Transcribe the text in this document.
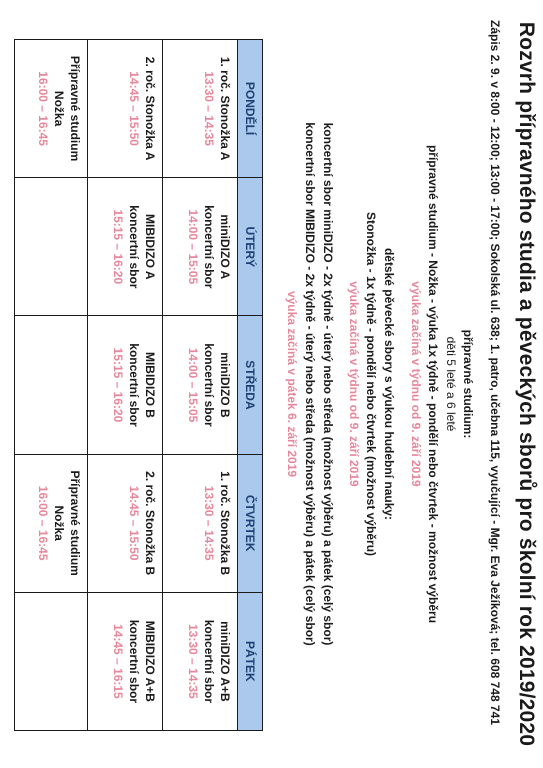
Rozvrh přípravného studia a pěveckých sborů pro školní rok 2019/2020
Zápis 2. 9. v 8:00 - 12:00; 13:00 - 17:00; Sokolská ul. 638; 1. patro, učebna 115, vyučující - Mgr. Eva Ježíková; tel. 608 748 741
přípravné studium:
děti 5 leté a 6 leté
přípravné studium - Nožka - výuka 1x týdně - pondělí nebo čtvrtek - možnost výběru
výuka začíná v týdnu od 9. září 2019
dětské pěvecké sbory s výukou hudební nauky:
Stonožka - 1x týdně - pondělí nebo čtvrtek (možnost výběru)
výuka začíná v týdnu od 9. září 2019
koncertní sbor miniDIZO - 2x týdně - úterý nebo středa (možnost výběru) a pátek (celý sbor)
koncertní sbor MIBIDIZO - 2x týdně - úterý nebo středa (možnost výběru) a pátek (celý sbor)
výuka začíná v pátek 6. září 2019
PONDĚLÍ	ÚTERÝ	STŘEDA	ČTVRTEK	PÁTEK

1. roč. Stonožka A
13:30 – 14:35	miniDIZO A
koncertní sbor
14:00 – 15:05	miniDIZO B
koncertní sbor
14:00 – 15:05	1. roč. Stonožka B
13:30 – 14:35	miniDIZO A+B
koncertní sbor
13:30 – 14:35

2. roč. Stonožka A
14:45 – 15:50	MIBIDIZO A
koncertní sbor
15:15 – 16:20	MIBIDIZO B
koncertní sbor
15:15 – 16:20	2. roč. Stonožka B
14:45 – 15:50	MIBIDIZO A+B
koncertní sbor
14:45 – 16:15

Přípravné studium
Nožka
16:00 – 16:45			Přípravné studium
Nožka
16:00 – 16:45	
